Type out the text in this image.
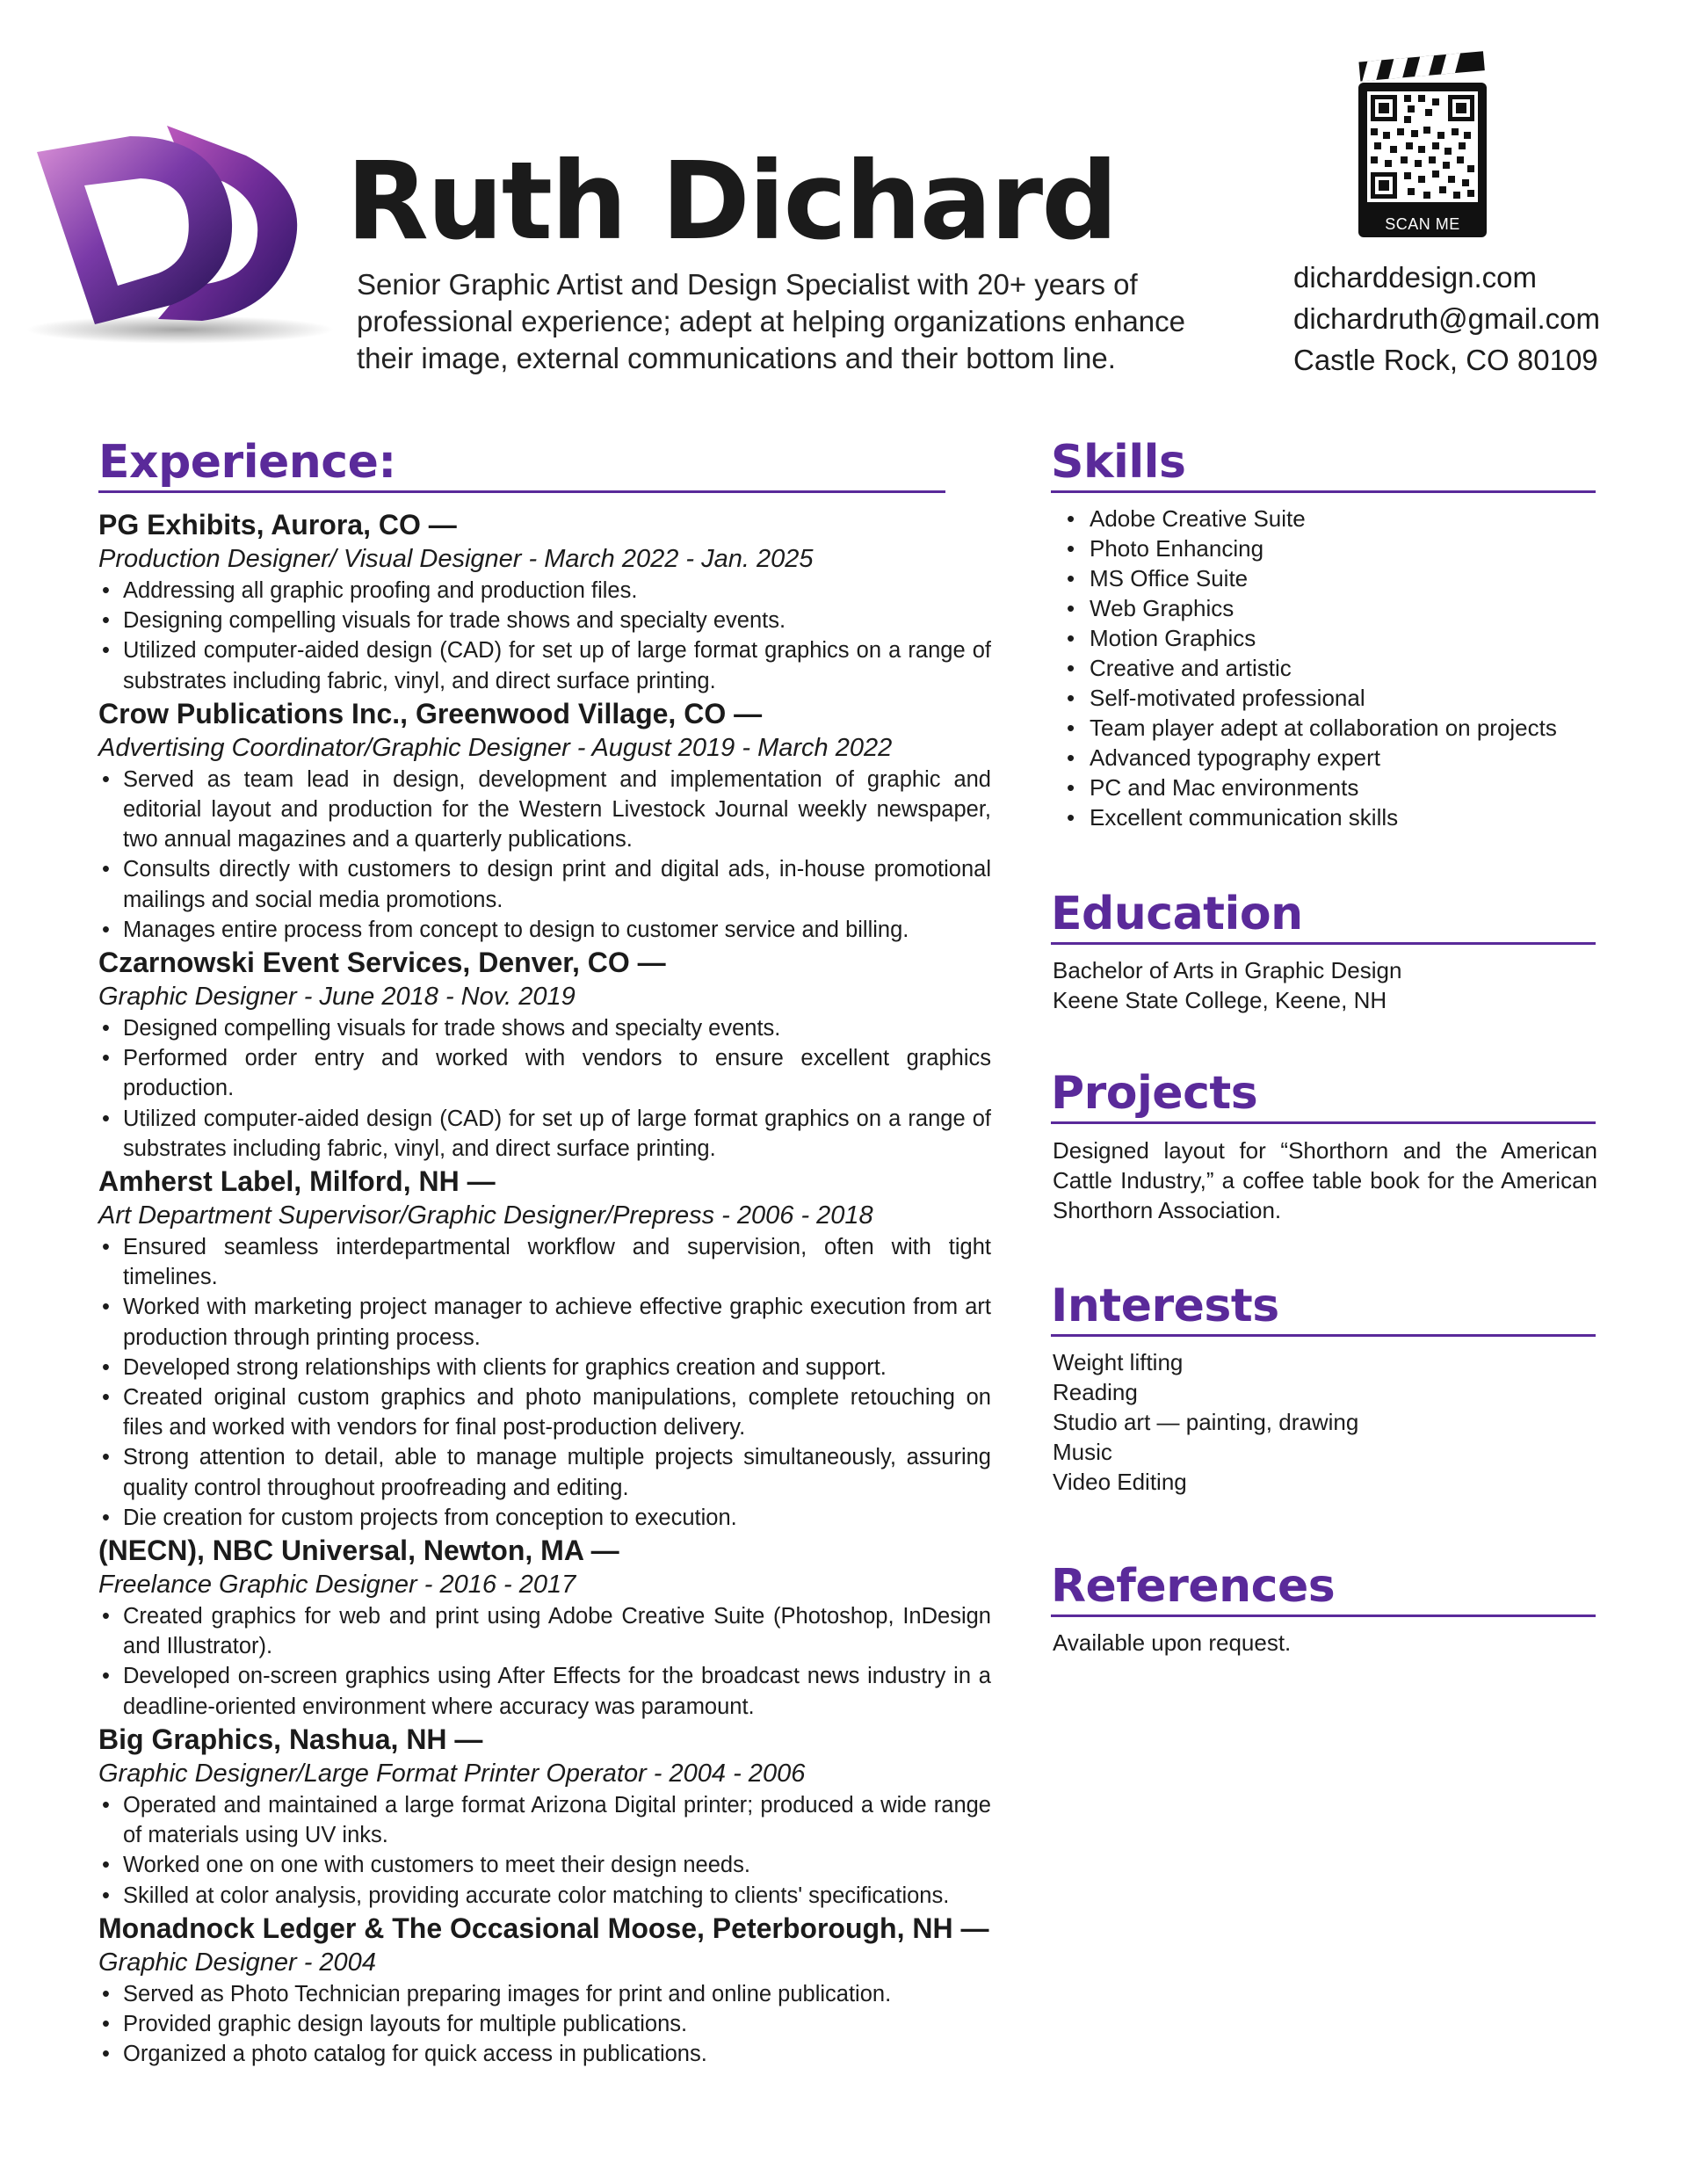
Ruth Dichard

Senior Graphic Artist and Design Specialist with 20+ years of professional experience; adept at helping organizations enhance their image, external communications and their bottom line.

SCAN ME
dicharddesign.com
dichardruth@gmail.com
Castle Rock, CO 80109
Experience:
PG Exhibits, Aurora, CO —
Production Designer/ Visual Designer - March 2022 - Jan. 2025
• Addressing all graphic proofing and production files.
• Designing compelling visuals for trade shows and specialty events.
• Utilized computer-aided design (CAD) for set up of large format graphics on a range of substrates including fabric, vinyl, and direct surface printing.
Crow Publications Inc., Greenwood Village, CO —
Advertising Coordinator/Graphic Designer - August 2019 - March 2022
• Served as team lead in design, development and implementation of graphic and editorial layout and production for the Western Livestock Journal weekly newspaper, two annual magazines and a quarterly publications.
• Consults directly with customers to design print and digital ads, in-house promotional mailings and social media promotions.
• Manages entire process from concept to design to customer service and billing.
Czarnowski Event Services, Denver, CO —
Graphic Designer - June 2018 - Nov. 2019
• Designed compelling visuals for trade shows and specialty events.
• Performed order entry and worked with vendors to ensure excellent graphics production.
• Utilized computer-aided design (CAD) for set up of large format graphics on a range of substrates including fabric, vinyl, and direct surface printing.
Amherst Label, Milford, NH —
Art Department Supervisor/Graphic Designer/Prepress - 2006 - 2018
• Ensured seamless interdepartmental workflow and supervision, often with tight timelines.
• Worked with marketing project manager to achieve effective graphic execution from art production through printing process.
• Developed strong relationships with clients for graphics creation and support.
• Created original custom graphics and photo manipulations, complete retouching on files and worked with vendors for final post-production delivery.
• Strong attention to detail, able to manage multiple projects simultaneously, assuring quality control throughout proofreading and editing.
• Die creation for custom projects from conception to execution.
(NECN), NBC Universal, Newton, MA —
Freelance Graphic Designer - 2016 - 2017
• Created graphics for web and print using Adobe Creative Suite (Photoshop, InDesign and Illustrator).
• Developed on-screen graphics using After Effects for the broadcast news industry in a deadline-oriented environment where accuracy was paramount.
Big Graphics, Nashua, NH —
Graphic Designer/Large Format Printer Operator - 2004 - 2006
• Operated and maintained a large format Arizona Digital printer; produced a wide range of materials using UV inks.
• Worked one on one with customers to meet their design needs.
• Skilled at color analysis, providing accurate color matching to clients' specifications.
Monadnock Ledger & The Occasional Moose, Peterborough, NH —
Graphic Designer - 2004
• Served as Photo Technician preparing images for print and online publication.
• Provided graphic design layouts for multiple publications.
• Organized a photo catalog for quick access in publications.
Skills
• Adobe Creative Suite
• Photo Enhancing
• MS Office Suite
• Web Graphics
• Motion Graphics
• Creative and artistic
• Self-motivated professional
• Team player adept at collaboration on projects
• Advanced typography expert
• PC and Mac environments
• Excellent communication skills
Education
Bachelor of Arts in Graphic Design
Keene State College, Keene, NH
Projects

Designed layout for “Shorthorn and the American Cattle Industry,” a coffee table book for the American Shorthorn Association.

Interests
Weight lifting
Reading
Studio art — painting, drawing
Music
Video Editing
References

Available upon request.
